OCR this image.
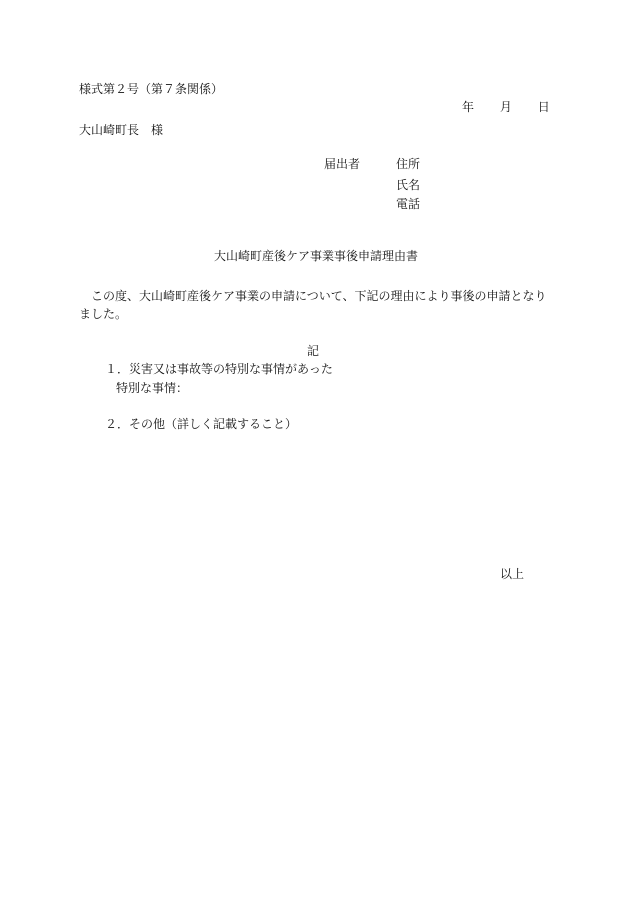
様式第２号（第７条関係）
年 月 日
大山崎町長　様
届出者	住所
氏名
電話
大山崎町産後ケア事業事後申請理由書
この度、大山崎町産後ケア事業の申請について、下記の理由により事後の申請となりました。
記
１．災害又は事故等の特別な事情があった
特別な事情：
２．その他（詳しく記載すること）
以上
